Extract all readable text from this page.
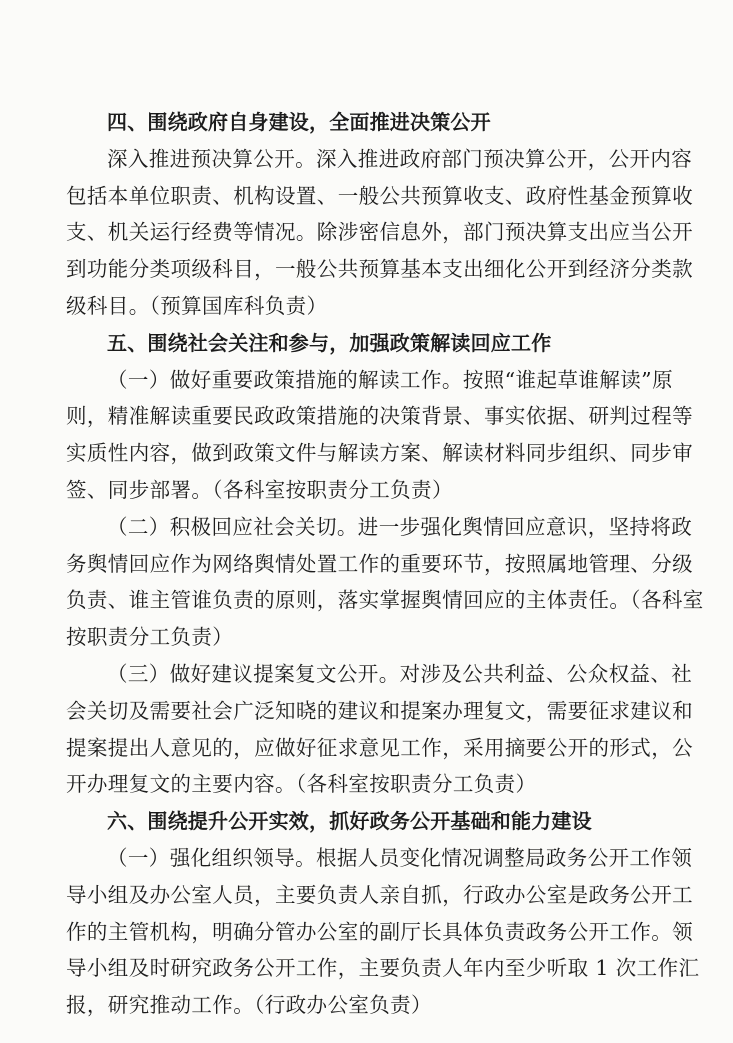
四、围绕政府自身建设，全面推进决策公开
深入推进预决算公开。深入推进政府部门预决算公开，公开内容
包括本单位职责、机构设置、一般公共预算收支、政府性基金预算收
支、机关运行经费等情况。除涉密信息外，部门预决算支出应当公开
到功能分类项级科目，一般公共预算基本支出细化公开到经济分类款
级科目。（预算国库科负责）
五、围绕社会关注和参与，加强政策解读回应工作
（一）做好重要政策措施的解读工作。按照“谁起草谁解读”原
则，精准解读重要民政政策措施的决策背景、事实依据、研判过程等
实质性内容，做到政策文件与解读方案、解读材料同步组织、同步审
签、同步部署。（各科室按职责分工负责）
（二）积极回应社会关切。进一步强化舆情回应意识，坚持将政
务舆情回应作为网络舆情处置工作的重要环节，按照属地管理、分级
负责、谁主管谁负责的原则，落实掌握舆情回应的主体责任。（各科室
按职责分工负责）
（三）做好建议提案复文公开。对涉及公共利益、公众权益、社
会关切及需要社会广泛知晓的建议和提案办理复文，需要征求建议和
提案提出人意见的，应做好征求意见工作，采用摘要公开的形式，公
开办理复文的主要内容。（各科室按职责分工负责）
六、围绕提升公开实效，抓好政务公开基础和能力建设
（一）强化组织领导。根据人员变化情况调整局政务公开工作领
导小组及办公室人员，主要负责人亲自抓，行政办公室是政务公开工
作的主管机构，明确分管办公室的副厅长具体负责政务公开工作。领
导小组及时研究政务公开工作，主要负责人年内至少听取 1 次工作汇
报，研究推动工作。（行政办公室负责）
